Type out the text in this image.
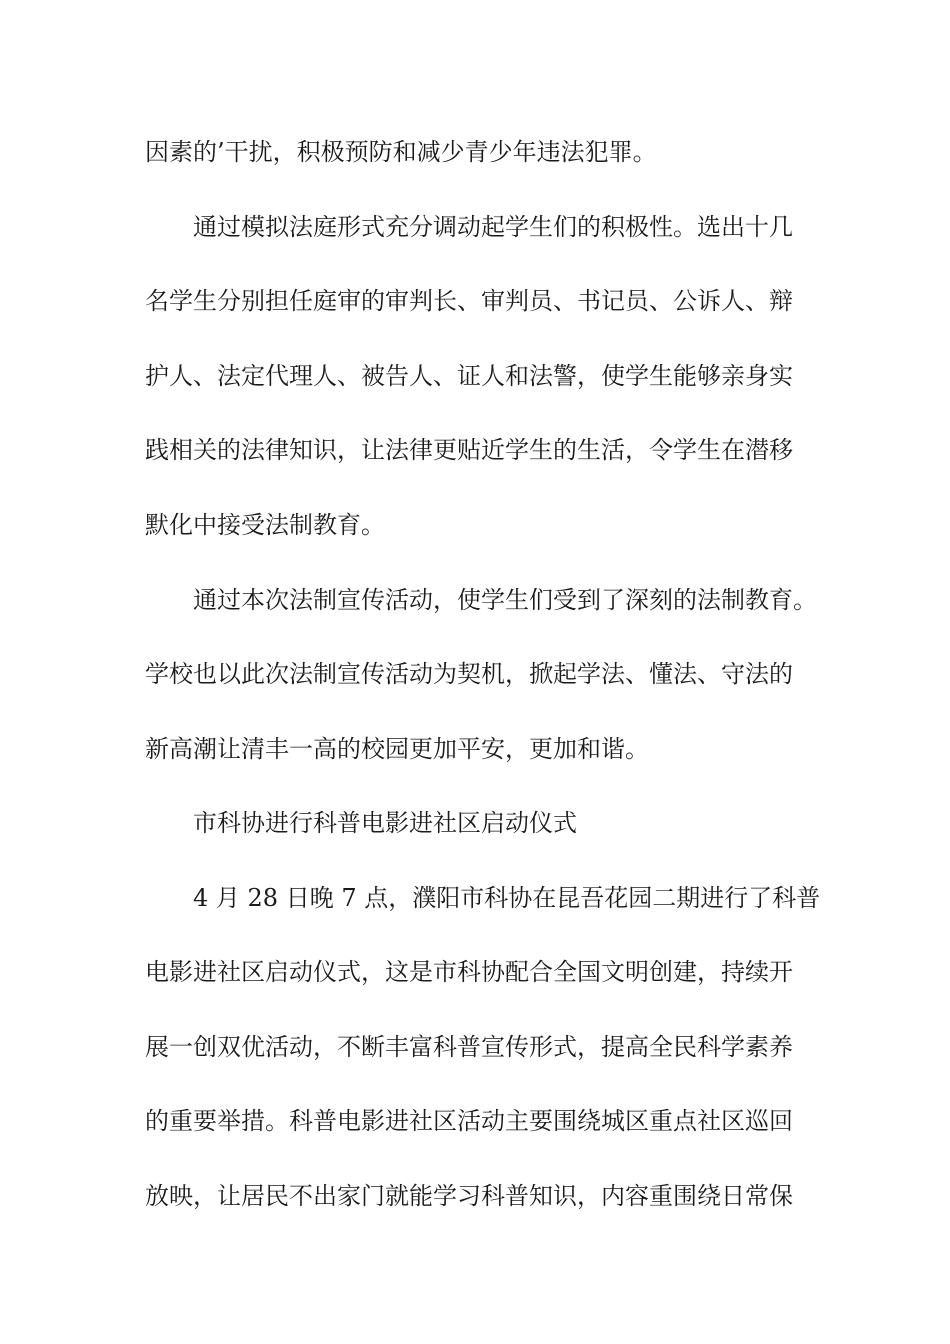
因素的’干扰，积极预防和减少青少年违法犯罪。

通过模拟法庭形式充分调动起学生们的积极性。选出十几

名学生分别担任庭审的审判长、审判员、书记员、公诉人、辩

护人、法定代理人、被告人、证人和法警，使学生能够亲身实

践相关的法律知识，让法律更贴近学生的生活，令学生在潜移

默化中接受法制教育。

通过本次法制宣传活动，使学生们受到了深刻的法制教育。

学校也以此次法制宣传活动为契机，掀起学法、懂法、守法的

新高潮让清丰一高的校园更加平安，更加和谐。

市科协进行科普电影进社区启动仪式

4 月 28 日晚 7 点，濮阳市科协在昆吾花园二期进行了科普

电影进社区启动仪式，这是市科协配合全国文明创建，持续开

展一创双优活动，不断丰富科普宣传形式，提高全民科学素养

的重要举措。科普电影进社区活动主要围绕城区重点社区巡回

放映，让居民不出家门就能学习科普知识，内容重围绕日常保
